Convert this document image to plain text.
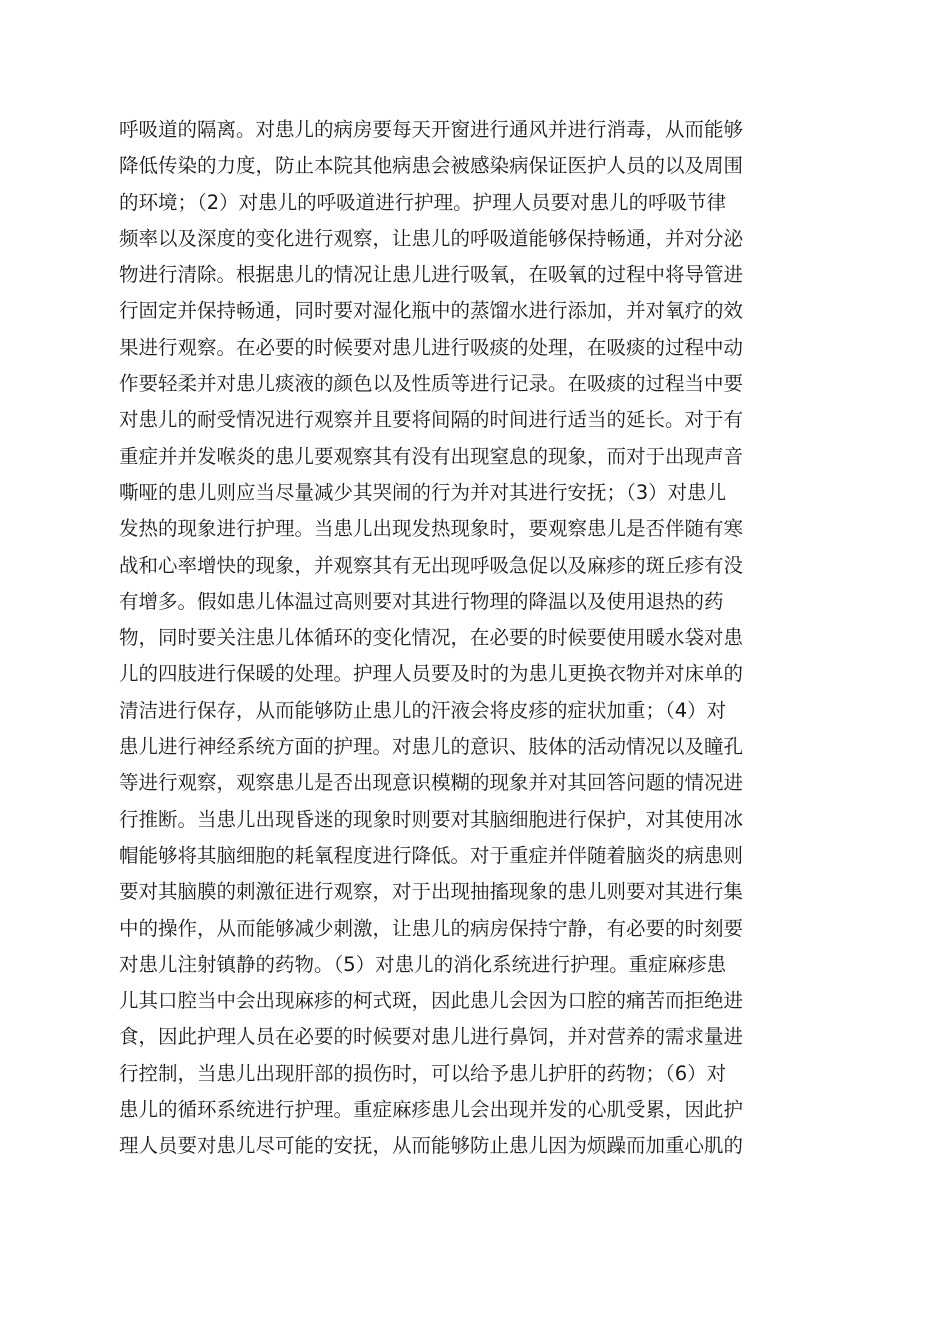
呼吸道的隔离。对患儿的病房要每天开窗进行通风并进行消毒，从而能够
降低传染的力度，防止本院其他病患会被感染病保证医护人员的以及周围
的环境；（2）对患儿的呼吸道进行护理。护理人员要对患儿的呼吸节律
频率以及深度的变化进行观察，让患儿的呼吸道能够保持畅通，并对分泌
物进行清除。根据患儿的情况让患儿进行吸氧，在吸氧的过程中将导管进
行固定并保持畅通，同时要对湿化瓶中的蒸馏水进行添加，并对氧疗的效
果进行观察。在必要的时候要对患儿进行吸痰的处理，在吸痰的过程中动
作要轻柔并对患儿痰液的颜色以及性质等进行记录。在吸痰的过程当中要
对患儿的耐受情况进行观察并且要将间隔的时间进行适当的延长。对于有
重症并并发喉炎的患儿要观察其有没有出现窒息的现象，而对于出现声音
嘶哑的患儿则应当尽量减少其哭闹的行为并对其进行安抚；（3）对患儿
发热的现象进行护理。当患儿出现发热现象时，要观察患儿是否伴随有寒
战和心率增快的现象，并观察其有无出现呼吸急促以及麻疹的斑丘疹有没
有增多。假如患儿体温过高则要对其进行物理的降温以及使用退热的药
物，同时要关注患儿体循环的变化情况，在必要的时候要使用暖水袋对患
儿的四肢进行保暖的处理。护理人员要及时的为患儿更换衣物并对床单的
清洁进行保存，从而能够防止患儿的汗液会将皮疹的症状加重；（4）对
患儿进行神经系统方面的护理。对患儿的意识、肢体的活动情况以及瞳孔
等进行观察，观察患儿是否出现意识模糊的现象并对其回答问题的情况进
行推断。当患儿出现昏迷的现象时则要对其脑细胞进行保护，对其使用冰
帽能够将其脑细胞的耗氧程度进行降低。对于重症并伴随着脑炎的病患则
要对其脑膜的刺激征进行观察，对于出现抽搐现象的患儿则要对其进行集
中的操作，从而能够减少刺激，让患儿的病房保持宁静，有必要的时刻要
对患儿注射镇静的药物。（5）对患儿的消化系统进行护理。重症麻疹患
儿其口腔当中会出现麻疹的柯式斑，因此患儿会因为口腔的痛苦而拒绝进
食，因此护理人员在必要的时候要对患儿进行鼻饲，并对营养的需求量进
行控制，当患儿出现肝部的损伤时，可以给予患儿护肝的药物；（6）对
患儿的循环系统进行护理。重症麻疹患儿会出现并发的心肌受累，因此护
理人员要对患儿尽可能的安抚，从而能够防止患儿因为烦躁而加重心肌的
